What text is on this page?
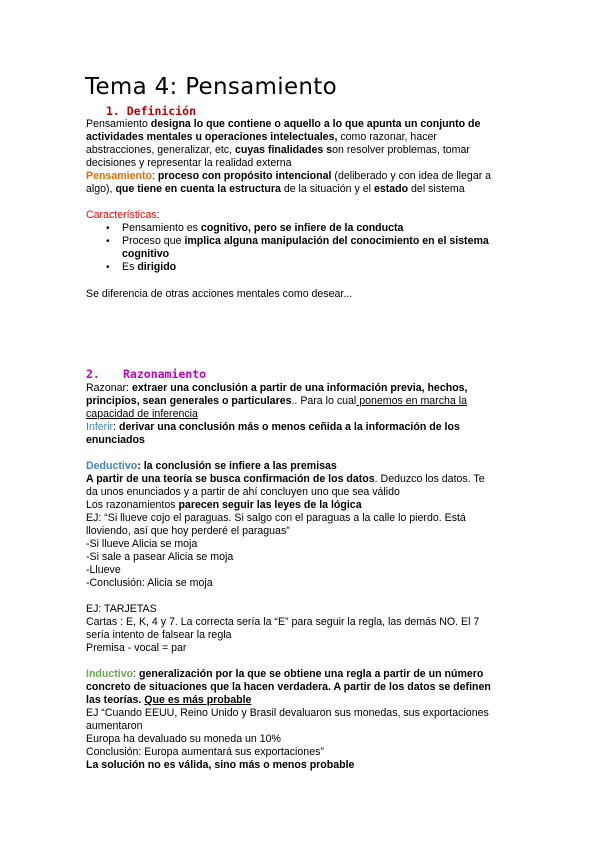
Tema 4: Pensamiento
1. Definición
Pensamiento designa lo que contiene o aquello a lo que apunta un conjunto de
actividades mentales u operaciones intelectuales, como razonar, hacer
abstracciones, generalizar, etc, cuyas finalidades son resolver problemas, tomar
decisiones y representar la realidad externa
Pensamiento: proceso con propósito intencional (deliberado y con idea de llegar a
algo), que tiene en cuenta la estructura de la situación y el estado del sistema
Características:
• Pensamiento es cognitivo, pero se infiere de la conducta
• Proceso que implica alguna manipulación del conocimiento en el sistema
cognitivo
• Es dirigido
Se diferencia de otras acciones mentales como desear...
2. Razonamiento
Razonar: extraer una conclusión a partir de una información previa, hechos,
principios, sean generales o particulares.. Para lo cual ponemos en marcha la
capacidad de inferencia
Inferir: derivar una conclusión más o menos ceñida a la información de los
enunciados
Deductivo: la conclusión se infiere a las premisas
A partir de una teoría se busca confirmación de los datos. Deduzco los datos. Te
da unos enunciados y a partir de ahí concluyen uno que sea válido
Los razonamientos parecen seguir las leyes de la lógica
EJ: “Si llueve cojo el paraguas. Si salgo con el paraguas a la calle lo pierdo. Está
lloviendo, así que hoy perderé el paraguas”
-Si llueve Alicia se moja
-Si sale a pasear Alicia se moja
-Llueve
-Conclusión: Alicia se moja
EJ: TARJETAS
Cartas : E, K, 4 y 7. La correcta sería la “E” para seguir la regla, las demás NO. El 7
sería intento de falsear la regla
Premisa - vocal = par
Inductivo: generalización por la que se obtiene una regla a partir de un número
concreto de situaciones que la hacen verdadera. A partir de los datos se definen
las teorías. Que es más probable
EJ “Cuando EEUU, Reino Unido y Brasil devaluaron sus monedas, sus exportaciones
aumentaron
Europa ha devaluado su moneda un 10%
Conclusión: Europa aumentará sus exportaciones”
La solución no es válida, sino más o menos probable
